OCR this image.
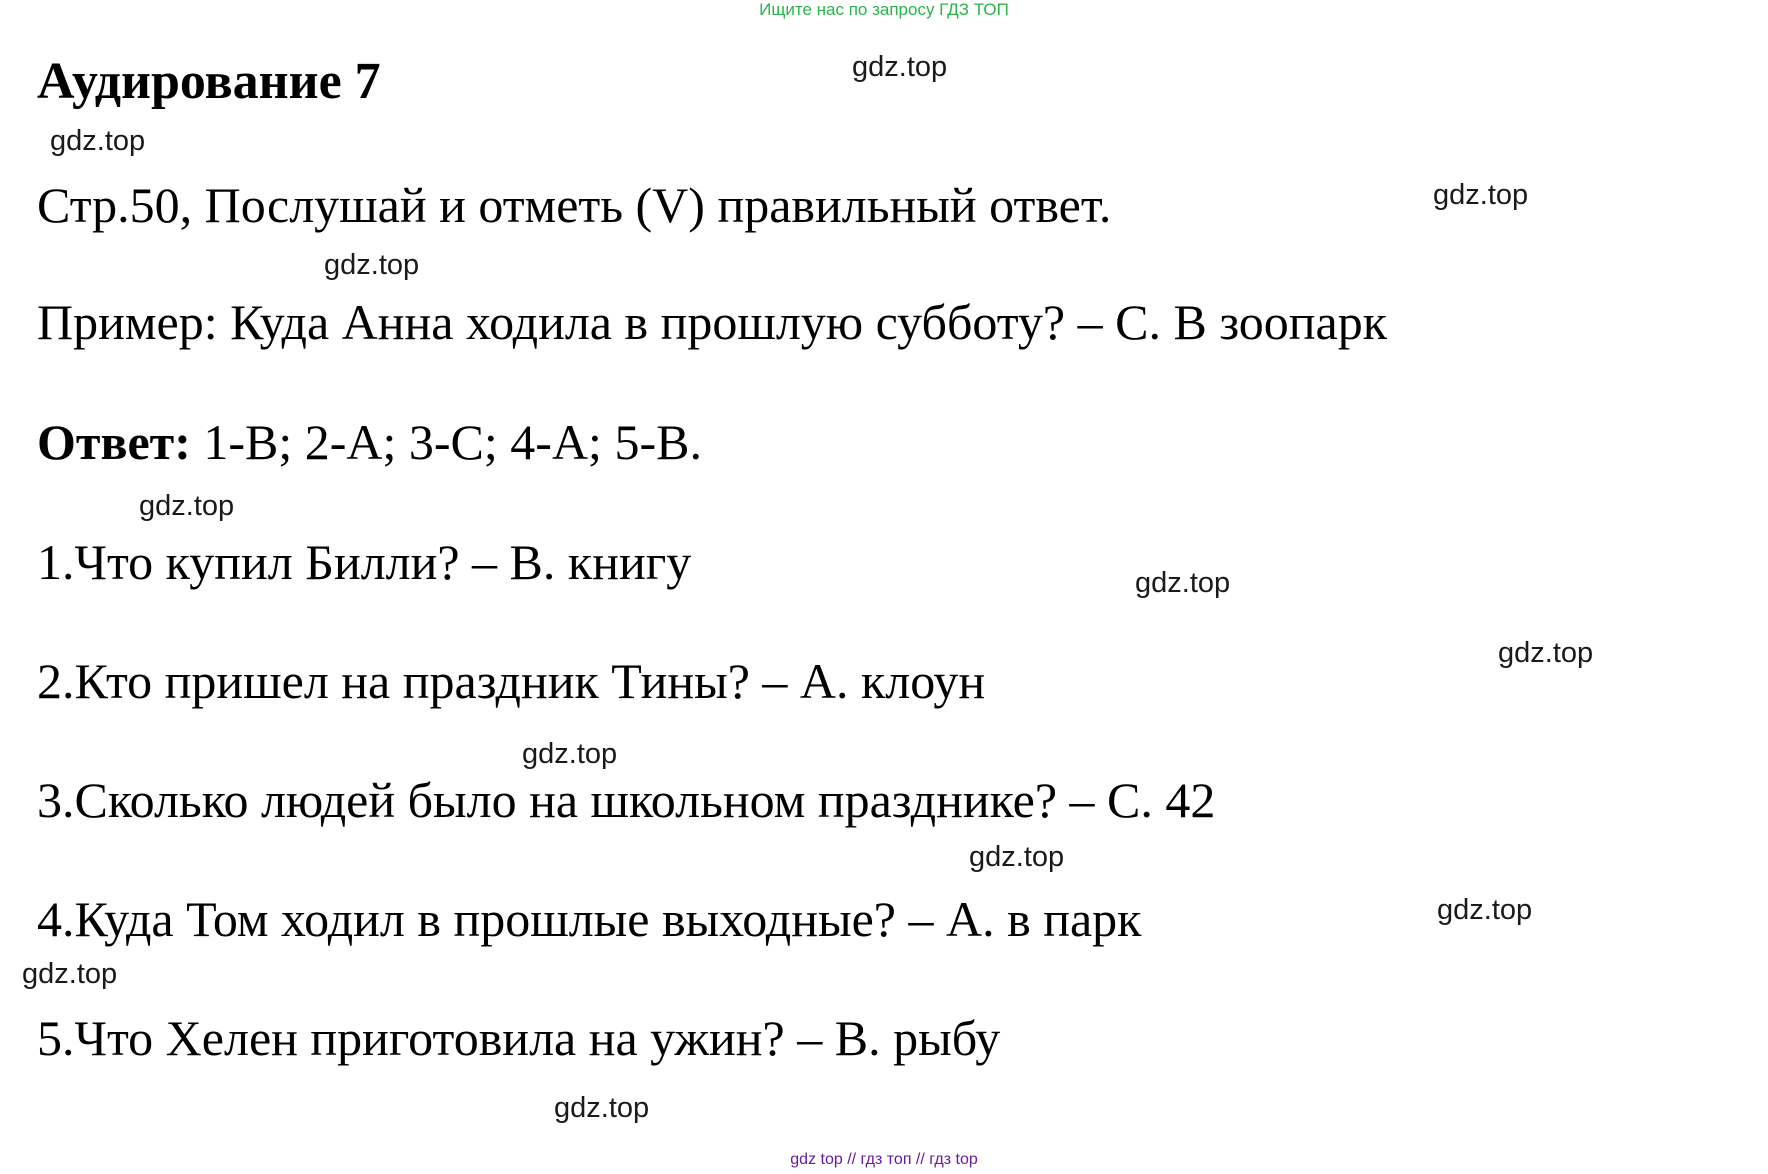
Ищите нас по запросу ГДЗ ТОП
Аудирование 7
Стр.50, Послушай и отметь (V) правильный ответ.
Пример: Куда Анна ходила в прошлую субботу? – С. В зоопарк
Ответ: 1-B; 2-A; 3-C; 4-A; 5-B.
1.Что купил Билли? – В. книгу
2.Кто пришел на праздник Тины? – А. клоун
3.Сколько людей было на школьном празднике? – С. 42
4.Куда Том ходил в прошлые выходные? – А. в парк
5.Что Хелен приготовила на ужин? – В. рыбу
gdz.top
gdz.top
gdz.top
gdz.top
gdz.top
gdz.top
gdz.top
gdz.top
gdz.top
gdz.top
gdz.top
gdz.top
gdz top // гдз топ // гдз top
